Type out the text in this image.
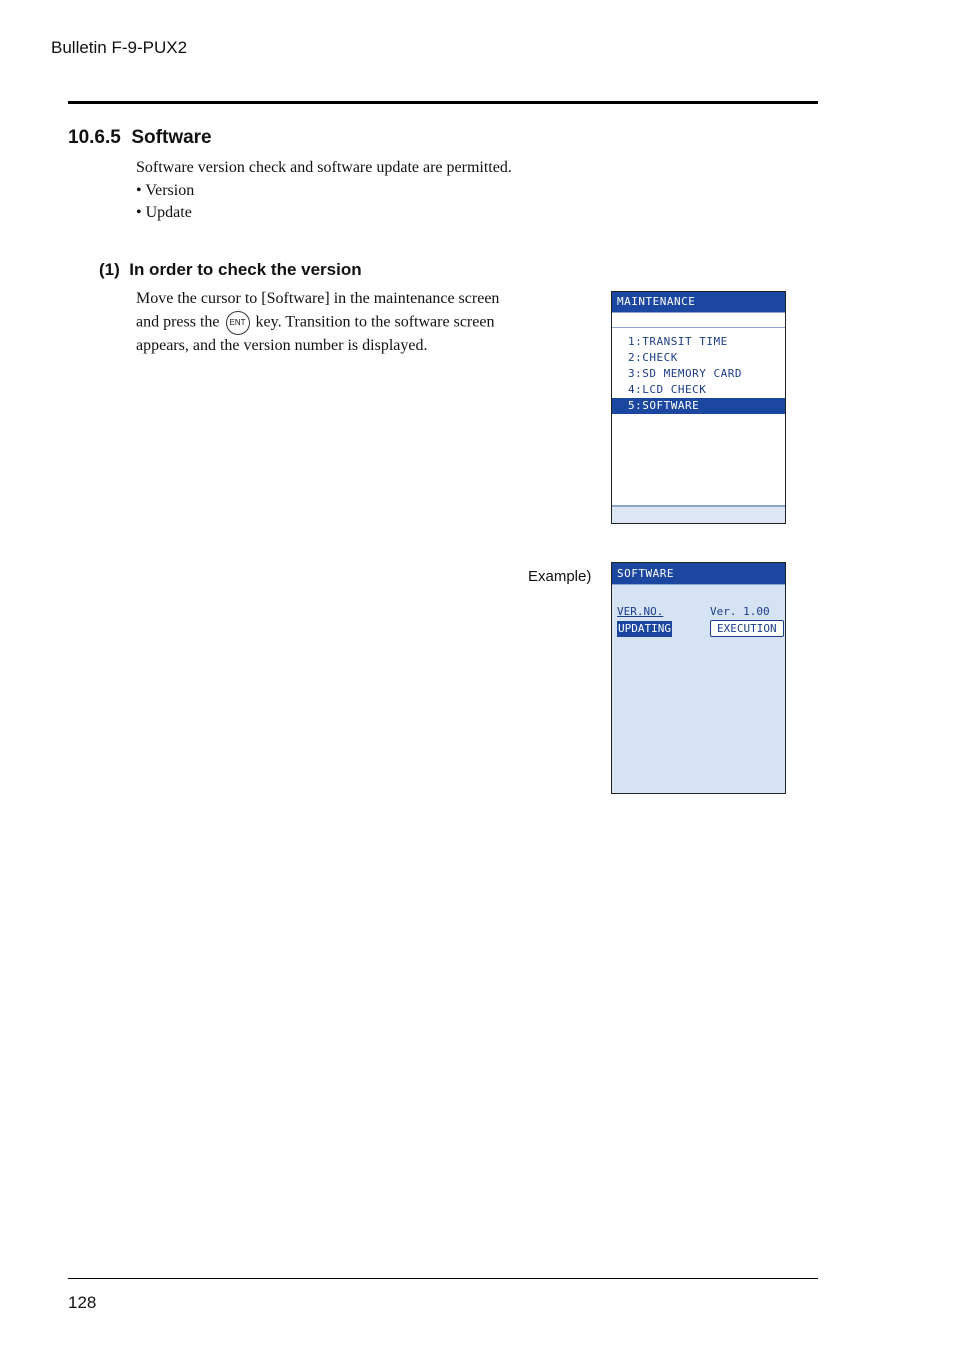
Bulletin F-9-PUX2
10.6.5  Software
Software version check and software update are permitted.
• Version
• Update
(1)  In order to check the version
Move the cursor to [Software] in the maintenance screen
and press the ENT key. Transition to the software screen
appears, and the version number is displayed.
MAINTENANCE
1:TRANSIT TIME
2:CHECK
3:SD MEMORY CARD
4:LCD CHECK
5:SOFTWARE
Example)	SOFTWARE
VER.NO.	Ver. 1.00
UPDATING	EXECUTION
128
